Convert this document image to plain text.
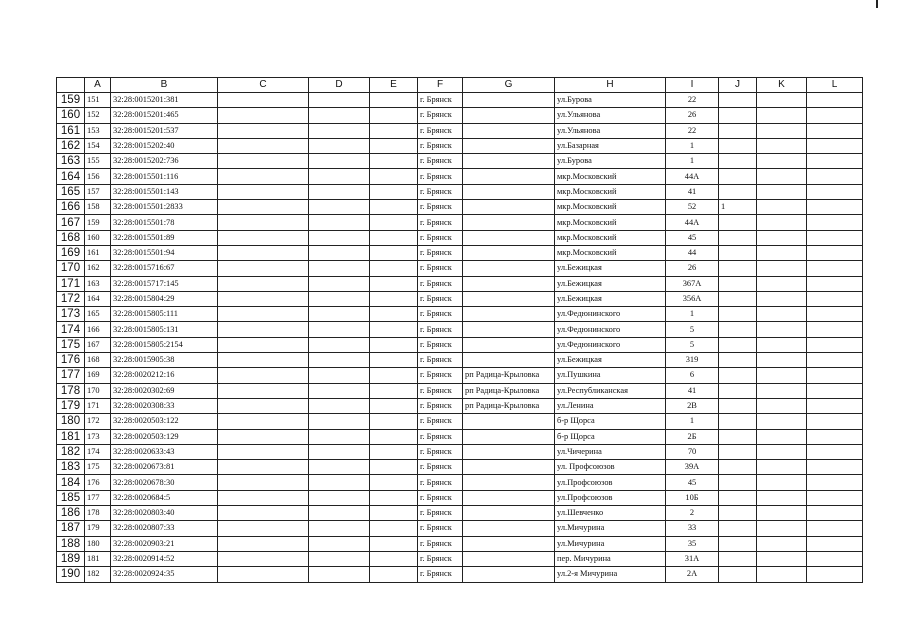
	A	B	C	D	E	F	G	H	I	J	K	L
159	151	32:28:0015201:381				г. Брянск		ул.Бурова	22			
160	152	32:28:0015201:465				г. Брянск		ул.Ульянова	26			
161	153	32:28:0015201:537				г. Брянск		ул.Ульянова	22			
162	154	32:28:0015202:40				г. Брянск		ул.Базарная	1			
163	155	32:28:0015202:736				г. Брянск		ул.Бурова	1			
164	156	32:28:0015501:116				г. Брянск		мкр.Московский	44А			
165	157	32:28:0015501:143				г. Брянск		мкр.Московский	41			
166	158	32:28:0015501:2833				г. Брянск		мкр.Московский	52	1		
167	159	32:28:0015501:78				г. Брянск		мкр.Московский	44А			
168	160	32:28:0015501:89				г. Брянск		мкр.Московский	45			
169	161	32:28:0015501:94				г. Брянск		мкр.Московский	44			
170	162	32:28:0015716:67				г. Брянск		ул.Бежицкая	26			
171	163	32:28:0015717:145				г. Брянск		ул.Бежицкая	367А			
172	164	32:28:0015804:29				г. Брянск		ул.Бежицкая	356А			
173	165	32:28:0015805:111				г. Брянск		ул.Федюнинского	1			
174	166	32:28:0015805:131				г. Брянск		ул.Федюнинского	5			
175	167	32:28:0015805:2154				г. Брянск		ул.Федюнинского	5			
176	168	32:28:0015905:38				г. Брянск		ул.Бежицкая	319			
177	169	32:28:0020212:16				г. Брянск	рп Радица-Крыловка	ул.Пушкина	6			
178	170	32:28:0020302:69				г. Брянск	рп Радица-Крыловка	ул.Республиканская	41			
179	171	32:28:0020308:33				г. Брянск	рп Радица-Крыловка	ул.Ленина	2В			
180	172	32:28:0020503:122				г. Брянск		б-р Щорса	1			
181	173	32:28:0020503:129				г. Брянск		б-р Щорса	2Б			
182	174	32:28:0020633:43				г. Брянск		ул.Чичерина	70			
183	175	32:28:0020673:81				г. Брянск		ул. Профсоюзов	39А			
184	176	32:28:0020678:30				г. Брянск		ул.Профсоюзов	45			
185	177	32:28:0020684:5				г. Брянск		ул.Профсоюзов	10Б			
186	178	32:28:0020803:40				г. Брянск		ул.Шевченко	2			
187	179	32:28:0020807:33				г. Брянск		ул.Мичурина	33			
188	180	32:28:0020903:21				г. Брянск		ул.Мичурина	35			
189	181	32:28:0020914:52				г. Брянск		пер. Мичурина	31А			
190	182	32:28:0020924:35				г. Брянск		ул.2-я Мичурина	2А			
